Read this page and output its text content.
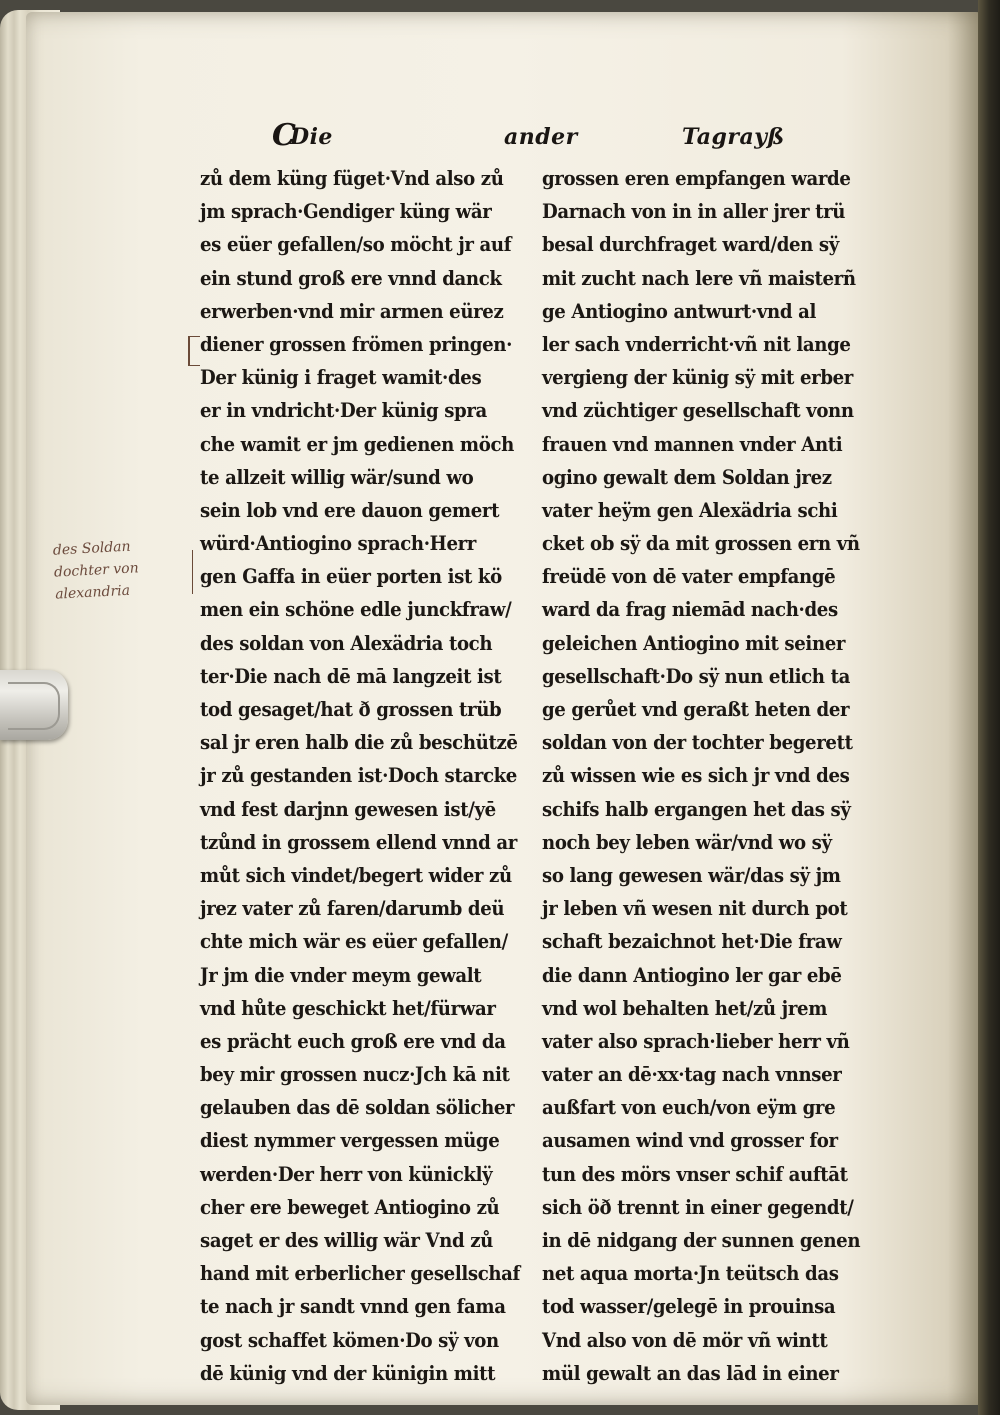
C
Die	ander	Tagrayß
des Soldan
dochter von
alexandria
zů dem küng füget·Vnd also zů
jm sprach·Gendiger küng wär
es eüer gefallen/so möcht jr auf
ein stund groß ere vnnd danck
erwerben·vnd mir armen eürez
diener grossen frömen pringen·
Der künig i fraget wamit·des
er in vndricht·Der künig spra
che wamit er jm gedienen möch
te allzeit willig wär/sund wo
sein lob vnd ere dauon gemert
würd·Antiogino sprach·Herr
gen Gaffa in eüer porten ist kö
men ein schöne edle junckfraw/
des soldan von Alexädria toch
ter·Die nach dē mā langzeit ist
tod gesaget/hat ð grossen trüb
sal jr eren halb die zů beschützē
jr zů gestanden ist·Doch starcke
vnd fest darjnn gewesen ist/yē
tzůnd in grossem ellend vnnd ar
můt sich vindet/begert wider zů
jrez vater zů faren/darumb deü
chte mich wär es eüer gefallen/
Jr jm die vnder meym gewalt
vnd hůte geschickt het/fürwar
es prächt euch groß ere vnd da
bey mir grossen nucz·Jch kā nit
gelauben das dē soldan sölicher
diest nymmer vergessen müge
werden·Der herr von künicklÿ
cher ere beweget Antiogino zů
saget er des willig wär Vnd zů
hand mit erberlicher gesellschaf
te nach jr sandt vnnd gen fama
gost schaffet kömen·Do sÿ von
dē künig vnd der künigin mitt
grossen eren empfangen warde
Darnach von in in aller jrer trü
besal durchfraget ward/den sÿ
mit zucht nach lere vñ maisterñ
ge Antiogino antwurt·vnd al
ler sach vnderricht·vñ nit lange
vergieng der künig sÿ mit erber
vnd züchtiger gesellschaft vonn
frauen vnd mannen vnder Anti
ogino gewalt dem Soldan jrez
vater heÿm gen Alexädria schi
cket ob sÿ da mit grossen ern vñ
freüdē von dē vater empfangē
ward da frag niemād nach·des
geleichen Antiogino mit seiner
gesellschaft·Do sÿ nun etlich ta
ge gerůet vnd geraßt heten der
soldan von der tochter begerett
zů wissen wie es sich jr vnd des
schifs halb ergangen het das sÿ
noch bey leben wär/vnd wo sÿ
so lang gewesen wär/das sÿ jm
jr leben vñ wesen nit durch pot
schaft bezaichnot het·Die fraw
die dann Antiogino ler gar ebē
vnd wol behalten het/zů jrem
vater also sprach·lieber herr vñ
vater an dē·xx·tag nach vnnser
außfart von euch/von eÿm gre
ausamen wind vnd grosser for
tun des mörs vnser schif auftāt
sich öð trennt in einer gegendt/
in dē nidgang der sunnen genen
net aqua morta·Jn teütsch das
tod wasser/gelegē in prouinsa
Vnd also von dē mör vñ wintt
mül gewalt an das lād in einer
